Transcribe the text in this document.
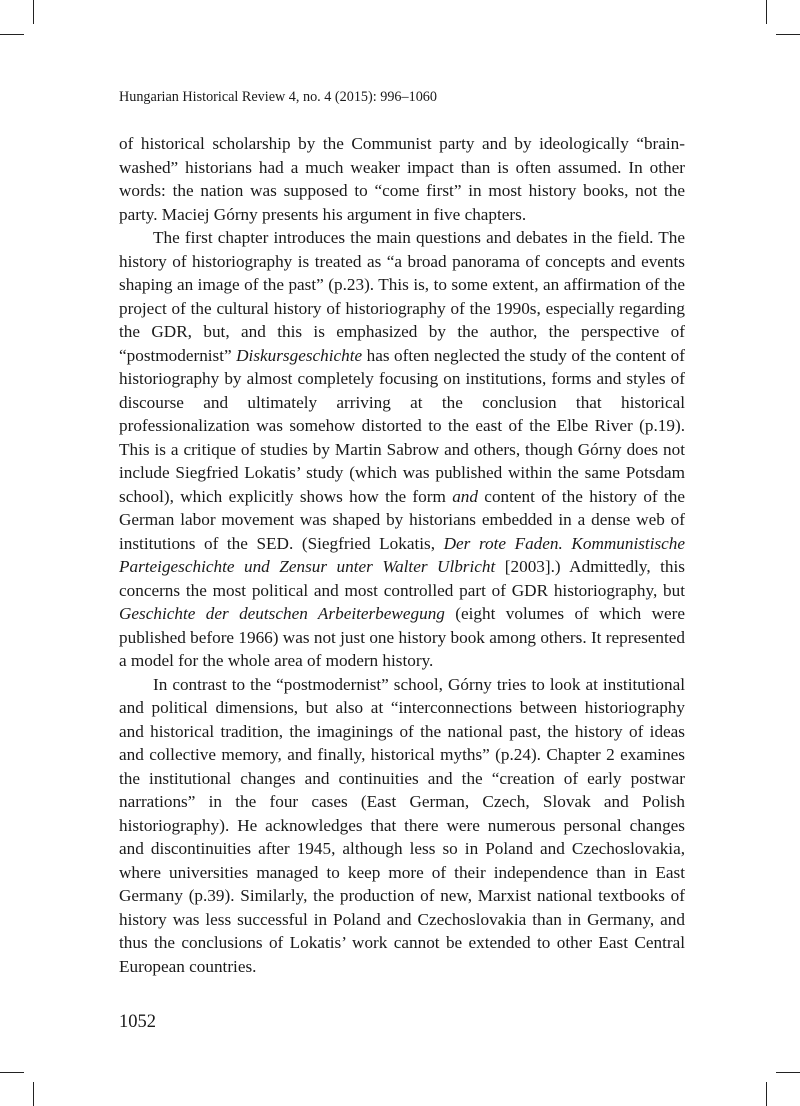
Hungarian Historical Review 4, no. 4 (2015): 996–1060

of historical scholarship by the Communist party and by ideologically “brain-washed” historians had a much weaker impact than is often assumed. In other words: the nation was supposed to “come first” in most history books, not the party. Maciej Górny presents his argument in five chapters.

The first chapter introduces the main questions and debates in the field. The history of historiography is treated as “a broad panorama of concepts and events shaping an image of the past” (p.23). This is, to some extent, an affirmation of the project of the cultural history of historiography of the 1990s, especially regarding the GDR, but, and this is emphasized by the author, the perspective of “postmodernist” Diskursgeschichte has often neglected the study of the content of historiography by almost completely focusing on institutions, forms and styles of discourse and ultimately arriving at the conclusion that historical professionalization was somehow distorted to the east of the Elbe River (p.19). This is a critique of studies by Martin Sabrow and others, though Górny does not include Siegfried Lokatis’ study (which was published within the same Potsdam school), which explicitly shows how the form and content of the history of the German labor movement was shaped by historians embedded in a dense web of institutions of the SED. (Siegfried Lokatis, Der rote Faden. Kommunistische Parteigeschichte und Zensur unter Walter Ulbricht [2003].) Admittedly, this concerns the most political and most controlled part of GDR historiography, but Geschichte der deutschen Arbeiterbewegung (eight volumes of which were published before 1966) was not just one history book among others. It represented a model for the whole area of modern history.

In contrast to the “postmodernist” school, Górny tries to look at institutional and political dimensions, but also at “interconnections between historiography and historical tradition, the imaginings of the national past, the history of ideas and collective memory, and finally, historical myths” (p.24). Chapter 2 examines the institutional changes and continuities and the “creation of early postwar narrations” in the four cases (East German, Czech, Slovak and Polish historiography). He acknowledges that there were numerous personal changes and discontinuities after 1945, although less so in Poland and Czechoslovakia, where universities managed to keep more of their independence than in East Germany (p.39). Similarly, the production of new, Marxist national textbooks of history was less successful in Poland and Czechoslovakia than in Germany, and thus the conclusions of Lokatis’ work cannot be extended to other East Central European countries.

1052
